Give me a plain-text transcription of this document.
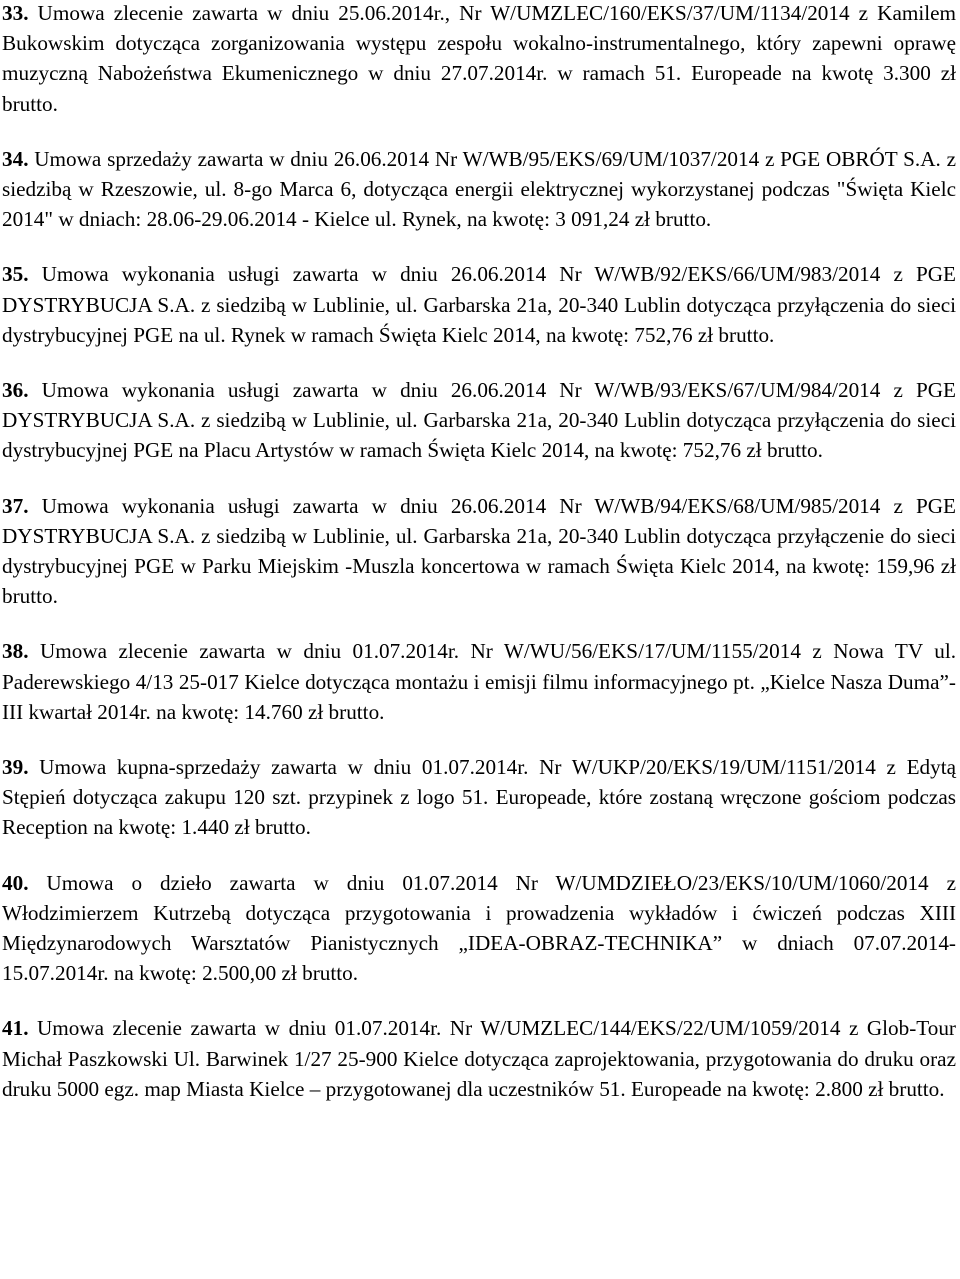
33. Umowa zlecenie zawarta w dniu 25.06.2014r., Nr W/UMZLEC/160/EKS/37/UM/1134/2014 z Kamilem Bukowskim dotycząca zorganizowania występu zespołu wokalno-instrumentalnego, który zapewni oprawę muzyczną Nabożeństwa Ekumenicznego w dniu 27.07.2014r. w ramach 51. Europeade na kwotę 3.300 zł brutto.

34. Umowa sprzedaży zawarta w dniu 26.06.2014 Nr W/WB/95/EKS/69/UM/1037/2014 z PGE OBRÓT S.A. z siedzibą w Rzeszowie, ul. 8-go Marca 6, dotycząca energii elektrycznej wykorzystanej podczas "Święta Kielc 2014" w dniach: 28.06-29.06.2014 - Kielce ul. Rynek, na kwotę: 3 091,24 zł brutto.

35. Umowa wykonania usługi zawarta w dniu 26.06.2014 Nr W/WB/92/EKS/66/UM/983/2014 z PGE DYSTRYBUCJA S.A. z siedzibą w Lublinie, ul. Garbarska 21a, 20-340 Lublin dotycząca przyłączenia do sieci dystrybucyjnej PGE na ul. Rynek w ramach Święta Kielc 2014, na kwotę: 752,76 zł brutto.

36. Umowa wykonania usługi zawarta w dniu 26.06.2014 Nr W/WB/93/EKS/67/UM/984/2014 z PGE DYSTRYBUCJA S.A. z siedzibą w Lublinie, ul. Garbarska 21a, 20-340 Lublin dotycząca przyłączenia do sieci dystrybucyjnej PGE na Placu Artystów w ramach Święta Kielc 2014, na kwotę: 752,76 zł brutto.

37. Umowa wykonania usługi zawarta w dniu 26.06.2014 Nr W/WB/94/EKS/68/UM/985/2014 z PGE DYSTRYBUCJA S.A. z siedzibą w Lublinie, ul. Garbarska 21a, 20-340 Lublin dotycząca przyłączenie do sieci dystrybucyjnej PGE w Parku Miejskim -Muszla koncertowa w ramach Święta Kielc 2014, na kwotę: 159,96 zł brutto.

38. Umowa zlecenie zawarta w dniu 01.07.2014r. Nr W/WU/56/EKS/17/UM/1155/2014 z Nowa TV ul. Paderewskiego 4/13 25-017 Kielce dotycząca montażu i emisji filmu informacyjnego pt. „Kielce Nasza Duma”- III kwartał 2014r. na kwotę: 14.760 zł brutto.

39. Umowa kupna-sprzedaży zawarta w dniu 01.07.2014r. Nr W/UKP/20/EKS/19/UM/1151/2014 z Edytą Stępień dotycząca zakupu 120 szt. przypinek z logo 51. Europeade, które zostaną wręczone gościom podczas Reception na kwotę: 1.440 zł brutto.

40. Umowa o dzieło zawarta w dniu 01.07.2014 Nr W/UMDZIEŁO/23/EKS/10/UM/1060/2014 z Włodzimierzem Kutrzebą dotycząca przygotowania i prowadzenia wykładów i ćwiczeń podczas XIII Międzynarodowych Warsztatów Pianistycznych „IDEA-OBRAZ-TECHNIKA” w dniach 07.07.2014- 15.07.2014r. na kwotę: 2.500,00 zł brutto.

41. Umowa zlecenie zawarta w dniu 01.07.2014r. Nr W/UMZLEC/144/EKS/22/UM/1059/2014 z Glob-Tour Michał Paszkowski Ul. Barwinek 1/27 25-900 Kielce dotycząca zaprojektowania, przygotowania do druku oraz druku 5000 egz. map Miasta Kielce – przygotowanej dla uczestników 51. Europeade na kwotę: 2.800 zł brutto.
